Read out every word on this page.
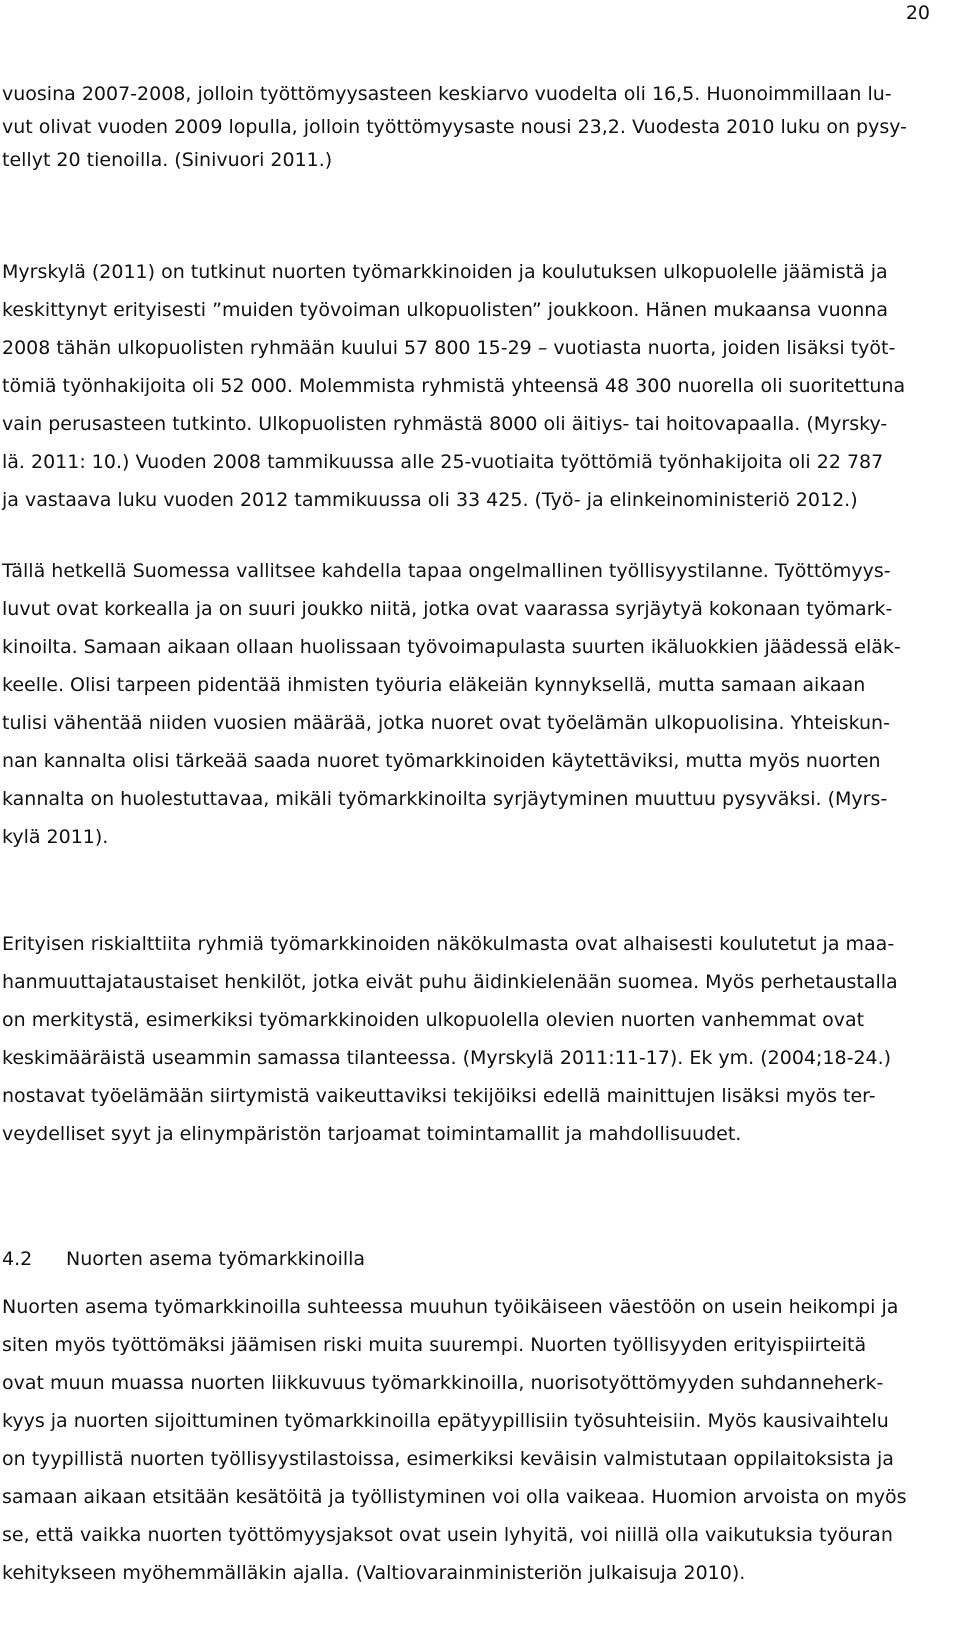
20
vuosina 2007-2008, jolloin työttömyysasteen keskiarvo vuodelta oli 16,5. Huonoimmillaan lu-
vut olivat vuoden 2009 lopulla, jolloin työttömyysaste nousi 23,2. Vuodesta 2010 luku on pysy-
tellyt 20 tienoilla. (Sinivuori 2011.)
Myrskylä (2011) on tutkinut nuorten työmarkkinoiden ja koulutuksen ulkopuolelle jäämistä ja
keskittynyt erityisesti ”muiden työvoiman ulkopuolisten” joukkoon. Hänen mukaansa vuonna
2008 tähän ulkopuolisten ryhmään kuului 57 800 15-29 – vuotiasta nuorta, joiden lisäksi työt-
tömiä työnhakijoita oli 52 000. Molemmista ryhmistä yhteensä 48 300 nuorella oli suoritettuna
vain perusasteen tutkinto. Ulkopuolisten ryhmästä 8000 oli äitiys- tai hoitovapaalla. (Myrsky-
lä. 2011: 10.) Vuoden 2008 tammikuussa alle 25-vuotiaita työttömiä työnhakijoita oli 22 787
ja vastaava luku vuoden 2012 tammikuussa oli 33 425. (Työ- ja elinkeinoministeriö 2012.)
Tällä hetkellä Suomessa vallitsee kahdella tapaa ongelmallinen työllisyystilanne. Työttömyys-
luvut ovat korkealla ja on suuri joukko niitä, jotka ovat vaarassa syrjäytyä kokonaan työmark-
kinoilta. Samaan aikaan ollaan huolissaan työvoimapulasta suurten ikäluokkien jäädessä eläk-
keelle. Olisi tarpeen pidentää ihmisten työuria eläkeiän kynnyksellä, mutta samaan aikaan
tulisi vähentää niiden vuosien määrää, jotka nuoret ovat työelämän ulkopuolisina. Yhteiskun-
nan kannalta olisi tärkeää saada nuoret työmarkkinoiden käytettäviksi, mutta myös nuorten
kannalta on huolestuttavaa, mikäli työmarkkinoilta syrjäytyminen muuttuu pysyväksi. (Myrs-
kylä 2011).
Erityisen riskialttiita ryhmiä työmarkkinoiden näkökulmasta ovat alhaisesti koulutetut ja maa-
hanmuuttajataustaiset henkilöt, jotka eivät puhu äidinkielenään suomea. Myös perhetaustalla
on merkitystä, esimerkiksi työmarkkinoiden ulkopuolella olevien nuorten vanhemmat ovat
keskimääräistä useammin samassa tilanteessa. (Myrskylä 2011:11-17). Ek ym. (2004;18-24.)
nostavat työelämään siirtymistä vaikeuttaviksi tekijöiksi edellä mainittujen lisäksi myös ter-
veydelliset syyt ja elinympäristön tarjoamat toimintamallit ja mahdollisuudet.
4.2 Nuorten asema työmarkkinoilla
Nuorten asema työmarkkinoilla suhteessa muuhun työikäiseen väestöön on usein heikompi ja
siten myös työttömäksi jäämisen riski muita suurempi. Nuorten työllisyyden erityispiirteitä
ovat muun muassa nuorten liikkuvuus työmarkkinoilla, nuorisotyöttömyyden suhdanneherk-
kyys ja nuorten sijoittuminen työmarkkinoilla epätyypillisiin työsuhteisiin. Myös kausivaihtelu
on tyypillistä nuorten työllisyystilastoissa, esimerkiksi keväisin valmistutaan oppilaitoksista ja
samaan aikaan etsitään kesätöitä ja työllistyminen voi olla vaikeaa. Huomion arvoista on myös
se, että vaikka nuorten työttömyysjaksot ovat usein lyhyitä, voi niillä olla vaikutuksia työuran
kehitykseen myöhemmälläkin ajalla. (Valtiovarainministeriön julkaisuja 2010).
